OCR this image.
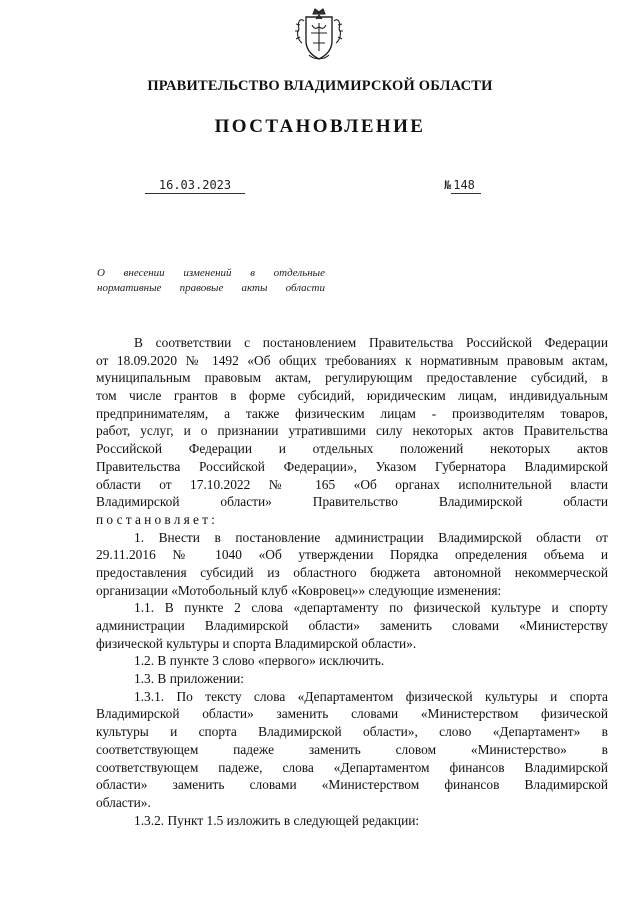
ПРАВИТЕЛЬСТВО ВЛАДИМИРСКОЙ ОБЛАСТИ
ПОСТАНОВЛЕНИЕ
16.03.2023	№ 148
О внесении изменений в отдельные
нормативные правовые акты области
В соответствии с постановлением Правительства Российской Федерации
от 18.09.2020 № 1492 «Об общих требованиях к нормативным правовым актам,
муниципальным правовым актам, регулирующим предоставление субсидий, в
том числе грантов в форме субсидий, юридическим лицам, индивидуальным
предпринимателям, а также физическим лицам - производителям товаров,
работ, услуг, и о признании утратившими силу некоторых актов Правительства
Российской Федерации и отдельных положений некоторых актов
Правительства Российской Федерации», Указом Губернатора Владимирской
области от 17.10.2022 № 165 «Об органах исполнительной власти
Владимирской области» Правительство Владимирской области
постановляет:
1. Внести в постановление администрации Владимирской области от
29.11.2016 № 1040 «Об утверждении Порядка определения объема и
предоставления субсидий из областного бюджета автономной некоммерческой
организации «Мотобольный клуб «Ковровец»» следующие изменения:
1.1. В пункте 2 слова «департаменту по физической культуре и спорту
администрации Владимирской области» заменить словами «Министерству
физической культуры и спорта Владимирской области».
1.2. В пункте 3 слово «первого» исключить.
1.3. В приложении:
1.3.1. По тексту слова «Департаментом физической культуры и спорта
Владимирской области» заменить словами «Министерством физической
культуры и спорта Владимирской области», слово «Департамент» в
соответствующем падеже заменить словом «Министерство» в
соответствующем падеже, слова «Департаментом финансов Владимирской
области» заменить словами «Министерством финансов Владимирской
области».
1.3.2. Пункт 1.5 изложить в следующей редакции:
